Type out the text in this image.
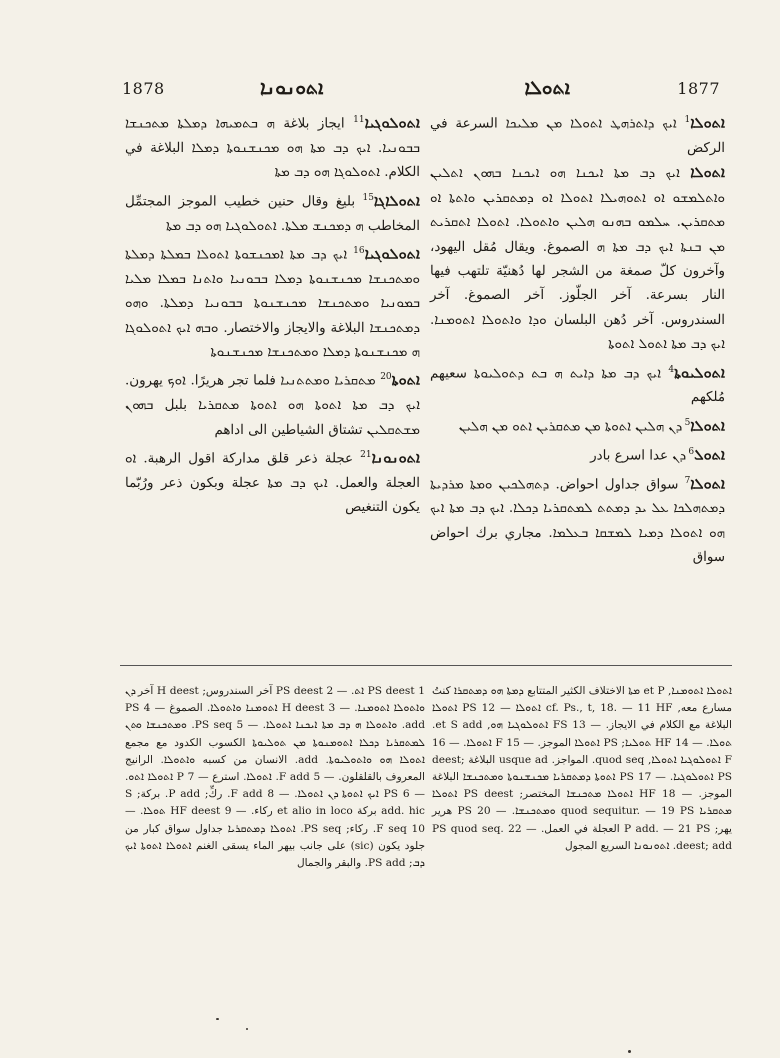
1878	ܐܬܘܢܘܢܐ	ܐܬܘܠܐ	1877

ܐܬܘܠܘܓܝܐ$^{11}$ ايجاز بلاغة ܗ ܒܬܡܝܗܐ ܕܡܠܬܐ ܡܬܟܢܫܐ ܒܒܘܢܝܐ. ܐܝܟ ܕܒ ܡܬܐ ܗܘ ܡܟܢܫܢܘܬܐ ܕܡܠܐ البلاغة في الكلام. ܐܬܘܠܘܓܐ ܗܘ ܕܒ ܡܬܐ

ܐܬܘܠܐܓܐ$^{15}$ بليغ وقال حنين خطيب الموجز المجتمِّل المخاطب ܗ ܕܡܟܢܫ ܡܠܬܐ. ܐܬܘܠܘܓܝܐ ܗܘ ܕܒ ܡܬܐ

ܐܬܘܠܘܓܝܐ$^{16}$ ܐܝܟ ܕܒ ܡܬܐ ܐܡܟܢܫܘܬܐ ܐܬܘܠܐ ܒܡܠܬܐ ܕܡܠܬܐ ܘܡܬܟܢܫܐ ܡܟܢܫܢܘܬܐ ܕܡܠܐ ܒܒܘܢܝܐ ܘܐܬܢܐ ܒܡܠܐ ܡܠܝܐ ܒܡܘܢܝܐ ܘܡܬܟܢܫܐ ܡܟܢܫܢܘܬܐ ܒܒܘܢܝܐ ܕܡܠܬܐ. ܘܗܘ ܕܡܬܟܢܫܐ البلاغة والايجاز والاختصار. ܘܒܗ ܐܝܟ ܐܬܘܠܘܓܐ ܗ ܡܟܢܫܢܘܬܐ ܕܡܠܐ ܘܡܬܟܢܫܐ ܡܟܢܫܢܘܬܐ

ܐܬܘܬܐ$^{20}$ ܡܬܩܪܝܐ ܘܡܬܬܢܝܐ فلما تجر هريرًا. ܐܘܟ يهرون. ܐܝܟ ܕܒ ܡܬܐ ܐܬܘܬܐ ܗܘ ܐܬܘܬܐ ܡܬܩܪܝܐ بلبل ܒܗܘܢ ܡܫܬܩܠܝܢ تشتاق الشياطين الى اداهم

ܐܬܘܢܘܢܐ$^{21}$ عجلة ذعر قلق مداركة اقول الرهبة. ܐܘ العجلة والعمل. ܐܝܟ ܕܒ ܡܬܐ عجلة وبكون ذعر ورُبّما يكون التنغيص

ܐܬܘܠܐ$^1$ ܐܝܟ ܕܐܬܪܗܛ ܐܬܘܠܐ ܡܢ ܡܠܝܟܐ السرعة في الركض

ܐܬܘܠܐ ܐܝܟ ܕܒ ܡܬܐ ܐܝܟܢܐ ܗܘ ܐܝܟܢܐ ܒܗܘܢ ܐܬܠܝܢ ܘܐܬܠܡܫܘ ܐܘ ܐܬܘܗܝܠܐ ܐܬܘܠܐ ܐܘ ܕܡܬܩܪܝܢ ܘܐܬܬܐ ܐܘ ܡܬܩܪܝܢ. ܚܠܡܘ ܒܗܢܘ ܗܠܝܢ ܘܐܬܘܠܐ. ܐܬܘܠܐ ܐܬܩܪܝܬ ܡܢ ܒܢܬܐ ܐܝܟ ܕܒ ܡܬܐ ܗ الصموغ. ويقال مُقل اليهود، وآخرون كلّ صمغة من الشجر لها دُهنيّة تلتهب فيها النار بسرعة. آخر الجلّوز. آخر الصموغ. آخر السندروس. آخر دُهن البلسان ܘܕܐ ܘܐܬܘܠܐ ܐܬܘܡܢܐ. ܐܝܟ ܕܒ ܡܬܐ ܐܬܘܠ ܐܬܘܬܐ

ܐܬܘܠܝܘܬܐ$^4$ ܐܝܟ ܕܒ ܡܬܐ ܕܐܝܬ ܗ ܒܬ ܕܬܘܠܝܘܬܐ سعيهم مُلكهم

ܐܬܘܠܐ$^5$ ܕܢ ܗܠܝܢ ܐܬܘܬܐ ܡܢ ܡܬܩܪܝܢ ܐܬܘ ܡܢ ܗܠܝܢ

ܐܬܘܠ$^6$ ܕܢ عدا اسرع بادر

ܐܬܘܠܐ$^7$ سواق جداول احواض. ܕܬܗܠܟܝܢ ܘܡܬܐ ܡܪܕܝܬܐ ܕܡܬܗܠܟܐ ܥܠ ܝܕ ܕܡܬܬ ܠܡܬܩܪܝܐ ܕܟܠܐ. ܐܝܟ ܕܒ ܡܬܐ ܐܝܟ ܗܘ ܐܬܘܠܐ ܕܡܝܐ ܠܡܫܩܐ ܒܥܠܡܐ. مجاري برك احواض سواق

1 PS deest ܐܬ. — 2 PS deest آخر السندروس; H deest آخر ܕܢ ܘܐܬܘܠܐ ܐܬܘܡܢܐ. — 3 H deest ܐܬܘܡܢܐ ܘܐܬܘܠܐ. الصموغ — 4 PS add. ܘܐܬܘܠܐ ܗ ܕܒ ܡܬܐ ܐܝܟܢܐ ܐܬܘܠܐ. — 5 PS seq. ܘܡܬܟܢܫܐ ܘܬܢ ܠܡܬܩܪܝܐ ܕܟܠܐ ܐܬܘܡܢܘܬܐ ܡܢ ܬܘܠܝܘܬܐ الكسوب الكدود مع مجمع ܐܬܘܠܐ ܗܘ ܘܐܬܘܠܝܘܬܐ. add. الانسان من كسبه ܘܐܬܘܠܐ. الرانيج المعروف بالقلقلون. — 5 F add. ܐܬܘܠܐ. استرع — 7 P ܐܬܘܠܐ ܐܬܘ. — 6 PS ܐܝܟ ܐܬܘܬܐ ܕܢ ܐܬܘܠܐ. — 8 F add. ركِّ; P add. بركة; S add. hic بركة et alio in loco ركاء. — 9 HF deest ܬܘܠܐ. — 10 F seq. ركاء; PS seq. ܐܬܘܠܐ ܕܡܬܩܪܝܐ جداول سواق كبار من جلود يكون (sic) على جانب بيهر الماء يسقى الغنم ܐܬܘܠܐ ܐܬܘܬܐ ܐܝܟ ܕܒ; PS add. والبقر والجمال

ܐܬܘܠܐ ܐܬܘܡܢܐ, et P ܡܬܐ الاختلاف الكثير المتتابع ܕܡܬܐ ܗܘ ܕܡܬܩܪܐ كنتُ مسارع معه, cf. Ps., t, 18. — 11 HF ܐܬܘܠܐ — 12 PS ܐܬܘܠܐ البلاغة مع الكلام في الايجاز. — 13 FS ܐܬܘܠܘܓܝܐ ܗܘ, et S add. ܬܘܠܐ. — 14 HF ܬܘܠܝܐ; PS ܐܬܘܠܐ الموجز. — 15 F ܐܬܘܠܐ. — 16 F ܐܬܘܠܘܓܝܐ ܐܬܘܠܐ, quod seq. المواجز. usque ad البلاغة deest; PS ܐܬܘܠܘܓܝܐ. — 17 PS ܐܬܘܬܐ ܕܡܬܩܪܝܐ ܡܟܢܫܢܘܬܐ ܘܡܬܟܢܫܐ البلاغة الموجز. — 18 HF ܐܬܘܠܐ ܡܬܟܢܫܐ المختصر; PS deest ܐܬܘܠܐ ܡܬܩܪܝܐ quod sequitur. — 19 PS ܘܡܬܟܢܫܐ. — 20 PS هرير يهر; P add. — 21 PS العجلة في العمل. — 22 PS quod seq. deest; add. ܐܬܘܢܘܢܐ السريع المجول
